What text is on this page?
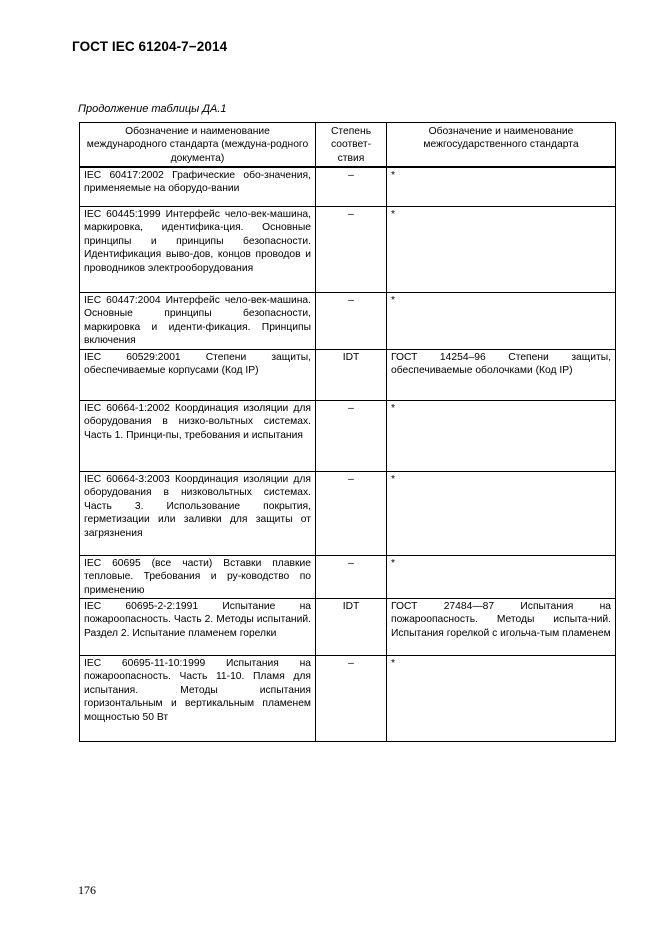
ГОСТ IEC 61204-7−2014
Продолжение таблицы ДА.1
Обозначение и наименование международного стандарта (междуна-родного документа)	Степень соответ-ствия	Обозначение и наименование межгосударственного стандарта
IEC 60417:2002 Графические обо-значения, применяемые на оборудо-вании	–	*
IEC 60445:1999 Интерфейс чело-век-машина, маркировка, идентифика-ция. Основные принципы и принципы безопасности. Идентификация выво-дов, концов проводов и проводников электрооборудования	–	*
IEC 60447:2004 Интерфейс чело-век-машина. Основные принципы безопасности, маркировка и иденти-фикация. Принципы включения	–	*
IEC 60529:2001 Степени защиты, обеспечиваемые корпусами (Код IP)	IDT	ГОСТ 14254–96 Степени защиты, обеспечиваемые оболочками (Код IP)
IEC 60664-1:2002 Координация изоляции для оборудования в низко-вольтных системах. Часть 1. Принци-пы, требования и испытания	–	*
IEC 60664-3:2003 Координация изоляции для оборудования в низковольтных системах. Часть 3. Использование покрытия, герметизации или заливки для защиты от загрязнения	–	*
IEC 60695 (все части) Вставки плавкие тепловые. Требования и ру-ководство по применению	–	*
IEC 60695-2-2:1991 Испытание на пожароопасность. Часть 2. Методы испытаний. Раздел 2. Испытание пламенем горелки	IDT	ГОСТ 27484—87 Испытания на пожароопасность. Методы испыта-ний. Испытания горелкой с игольча-тым пламенем
IEC 60695-11-10:1999 Испытания на пожароопасность. Часть 11-10. Пламя для испытания. Методы испытания горизонтальным и вертикальным пламенем мощностью 50 Вт	–	*
176
